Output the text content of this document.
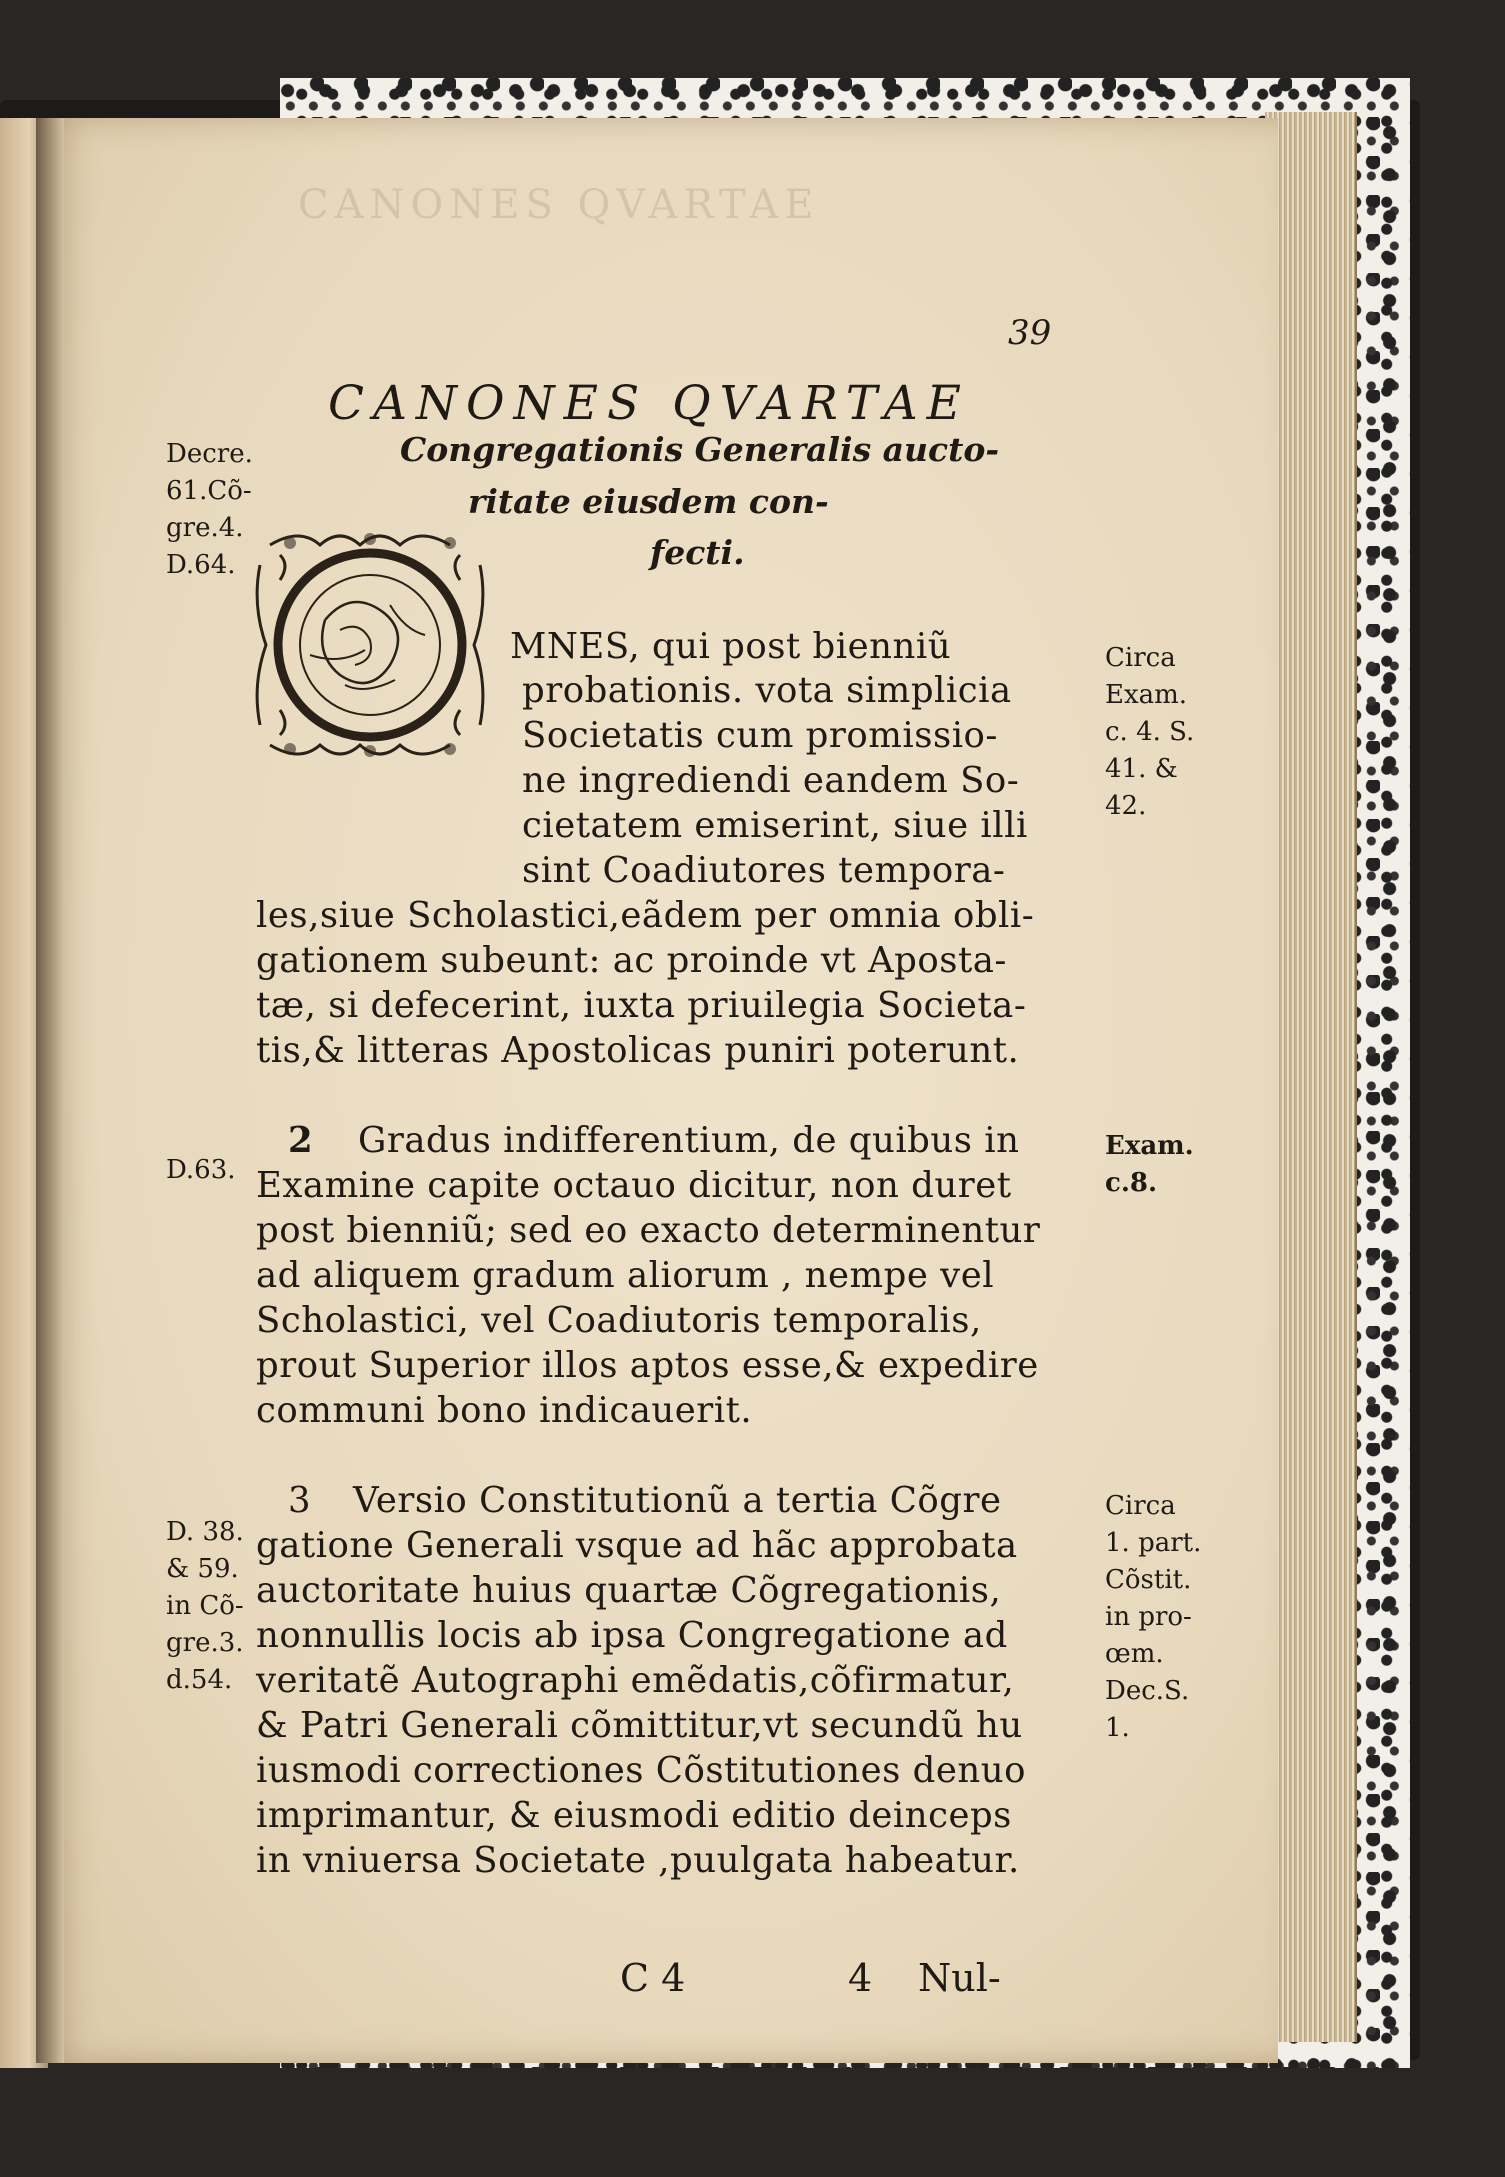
CANONES QVARTAE
39
CANONES QVARTAE
Congregationis Generalis aucto-
ritate eiusdem con-
fecti.
Decre.
61.Cõ-
gre.4.
D.64.
D.63.
D. 38.
& 59.
in Cõ-
gre.3.
d.54.
Circa
Exam.
c. 4. S.
41. &
42.
Exam.
c.8.
Circa
1. part.
Cõstit.
in pro-
œm.
Dec.S.
1.
MNES, qui post bienniũ
probationis. vota simplicia
Societatis cum promissio-
ne ingrediendi eandem So-
cietatem emiserint, siue illi
sint Coadiutores tempora-
les,siue Scholastici,eãdem per omnia obli-
gationem subeunt: ac proinde vt Aposta-
tæ, si defecerint, iuxta priuilegia Societa-
tis,& litteras Apostolicas puniri poterunt.
2 Gradus indifferentium, de quibus in
Examine capite octauo dicitur, non duret
post bienniũ; sed eo exacto determinentur
ad aliquem gradum aliorum , nempe vel
Scholastici, vel Coadiutoris temporalis,
prout Superior illos aptos esse,& expedire
communi bono indicauerit.
3 Versio Constitutionũ a tertia Cõgre
gatione Generali vsque ad hãc approbata
auctoritate huius quartæ Cõgregationis,
nonnullis locis ab ipsa Congregatione ad
veritatẽ Autographi emẽdatis,cõfirmatur,
& Patri Generali cõmittitur,vt secundũ hu
iusmodi correctiones Cõstitutiones denuo
imprimantur, & eiusmodi editio deinceps
in vniuersa Societate ,puulgata habeatur.
C 4	4 Nul-
